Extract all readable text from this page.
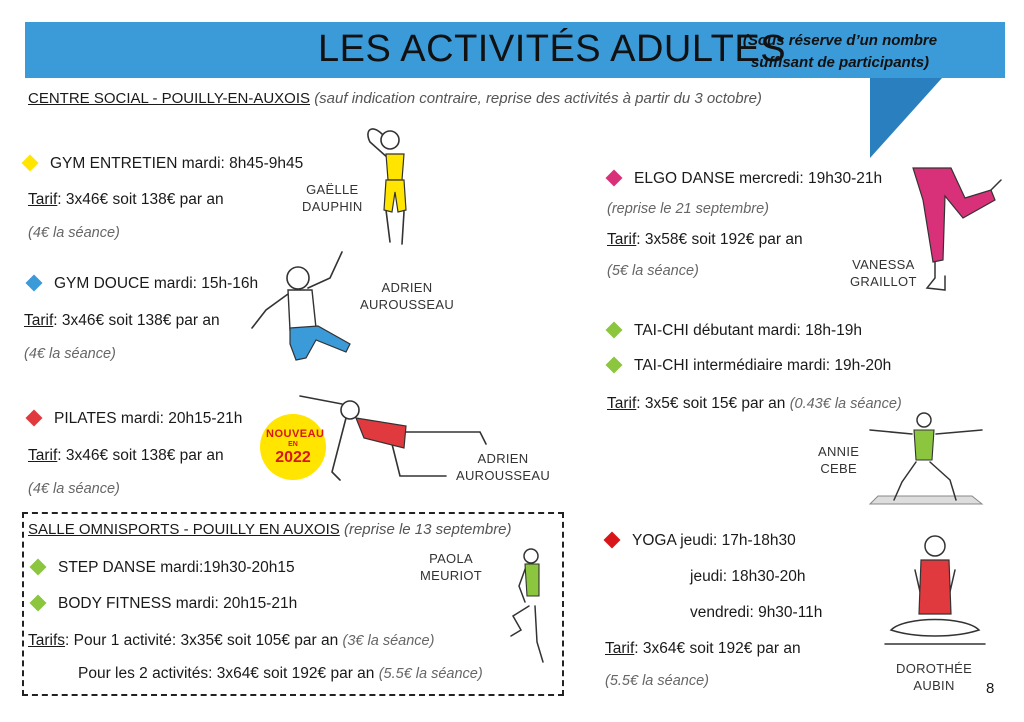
LES ACTIVITÉS ADULTES
(Sous réserve d’un nombre
suffisant de participants)
CENTRE SOCIAL - POUILLY-EN-AUXOIS (sauf indication contraire, reprise des activités à partir du 3 octobre)
GYM ENTRETIEN mardi: 8h45-9h45
Tarif: 3x46€ soit 138€ par an
(4€ la séance)
GAËLLE
DAUPHIN
GYM DOUCE mardi: 15h-16h
Tarif: 3x46€ soit 138€ par an
(4€ la séance)
ADRIEN
AUROUSSEAU
PILATES mardi: 20h15-21h
Tarif: 3x46€ soit 138€ par an
(4€ la séance)
NOUVEAU
EN
2022	ADRIEN
AUROUSSEAU
SALLE OMNISPORTS - POUILLY EN AUXOIS (reprise le 13 septembre)
STEP DANSE mardi:19h30-20h15
BODY FITNESS mardi: 20h15-21h
Tarifs: Pour 1 activité: 3x35€ soit 105€ par an (3€ la séance)
Pour les 2 activités: 3x64€ soit 192€ par an (5.5€ la séance)
PAOLA
MEURIOT
ELGO DANSE mercredi: 19h30-21h
(reprise le 21 septembre)
Tarif: 3x58€ soit 192€ par an
(5€ la séance)	VANESSA
GRAILLOT
TAI-CHI débutant mardi: 18h-19h
TAI-CHI intermédiaire mardi: 19h-20h
Tarif: 3x5€ soit 15€ par an (0.43€ la séance)
ANNIE
CEBE
YOGA jeudi: 17h-18h30
jeudi: 18h30-20h
vendredi: 9h30-11h
Tarif: 3x64€ soit 192€ par an
(5.5€ la séance)
DOROTHÉE
AUBIN	8
